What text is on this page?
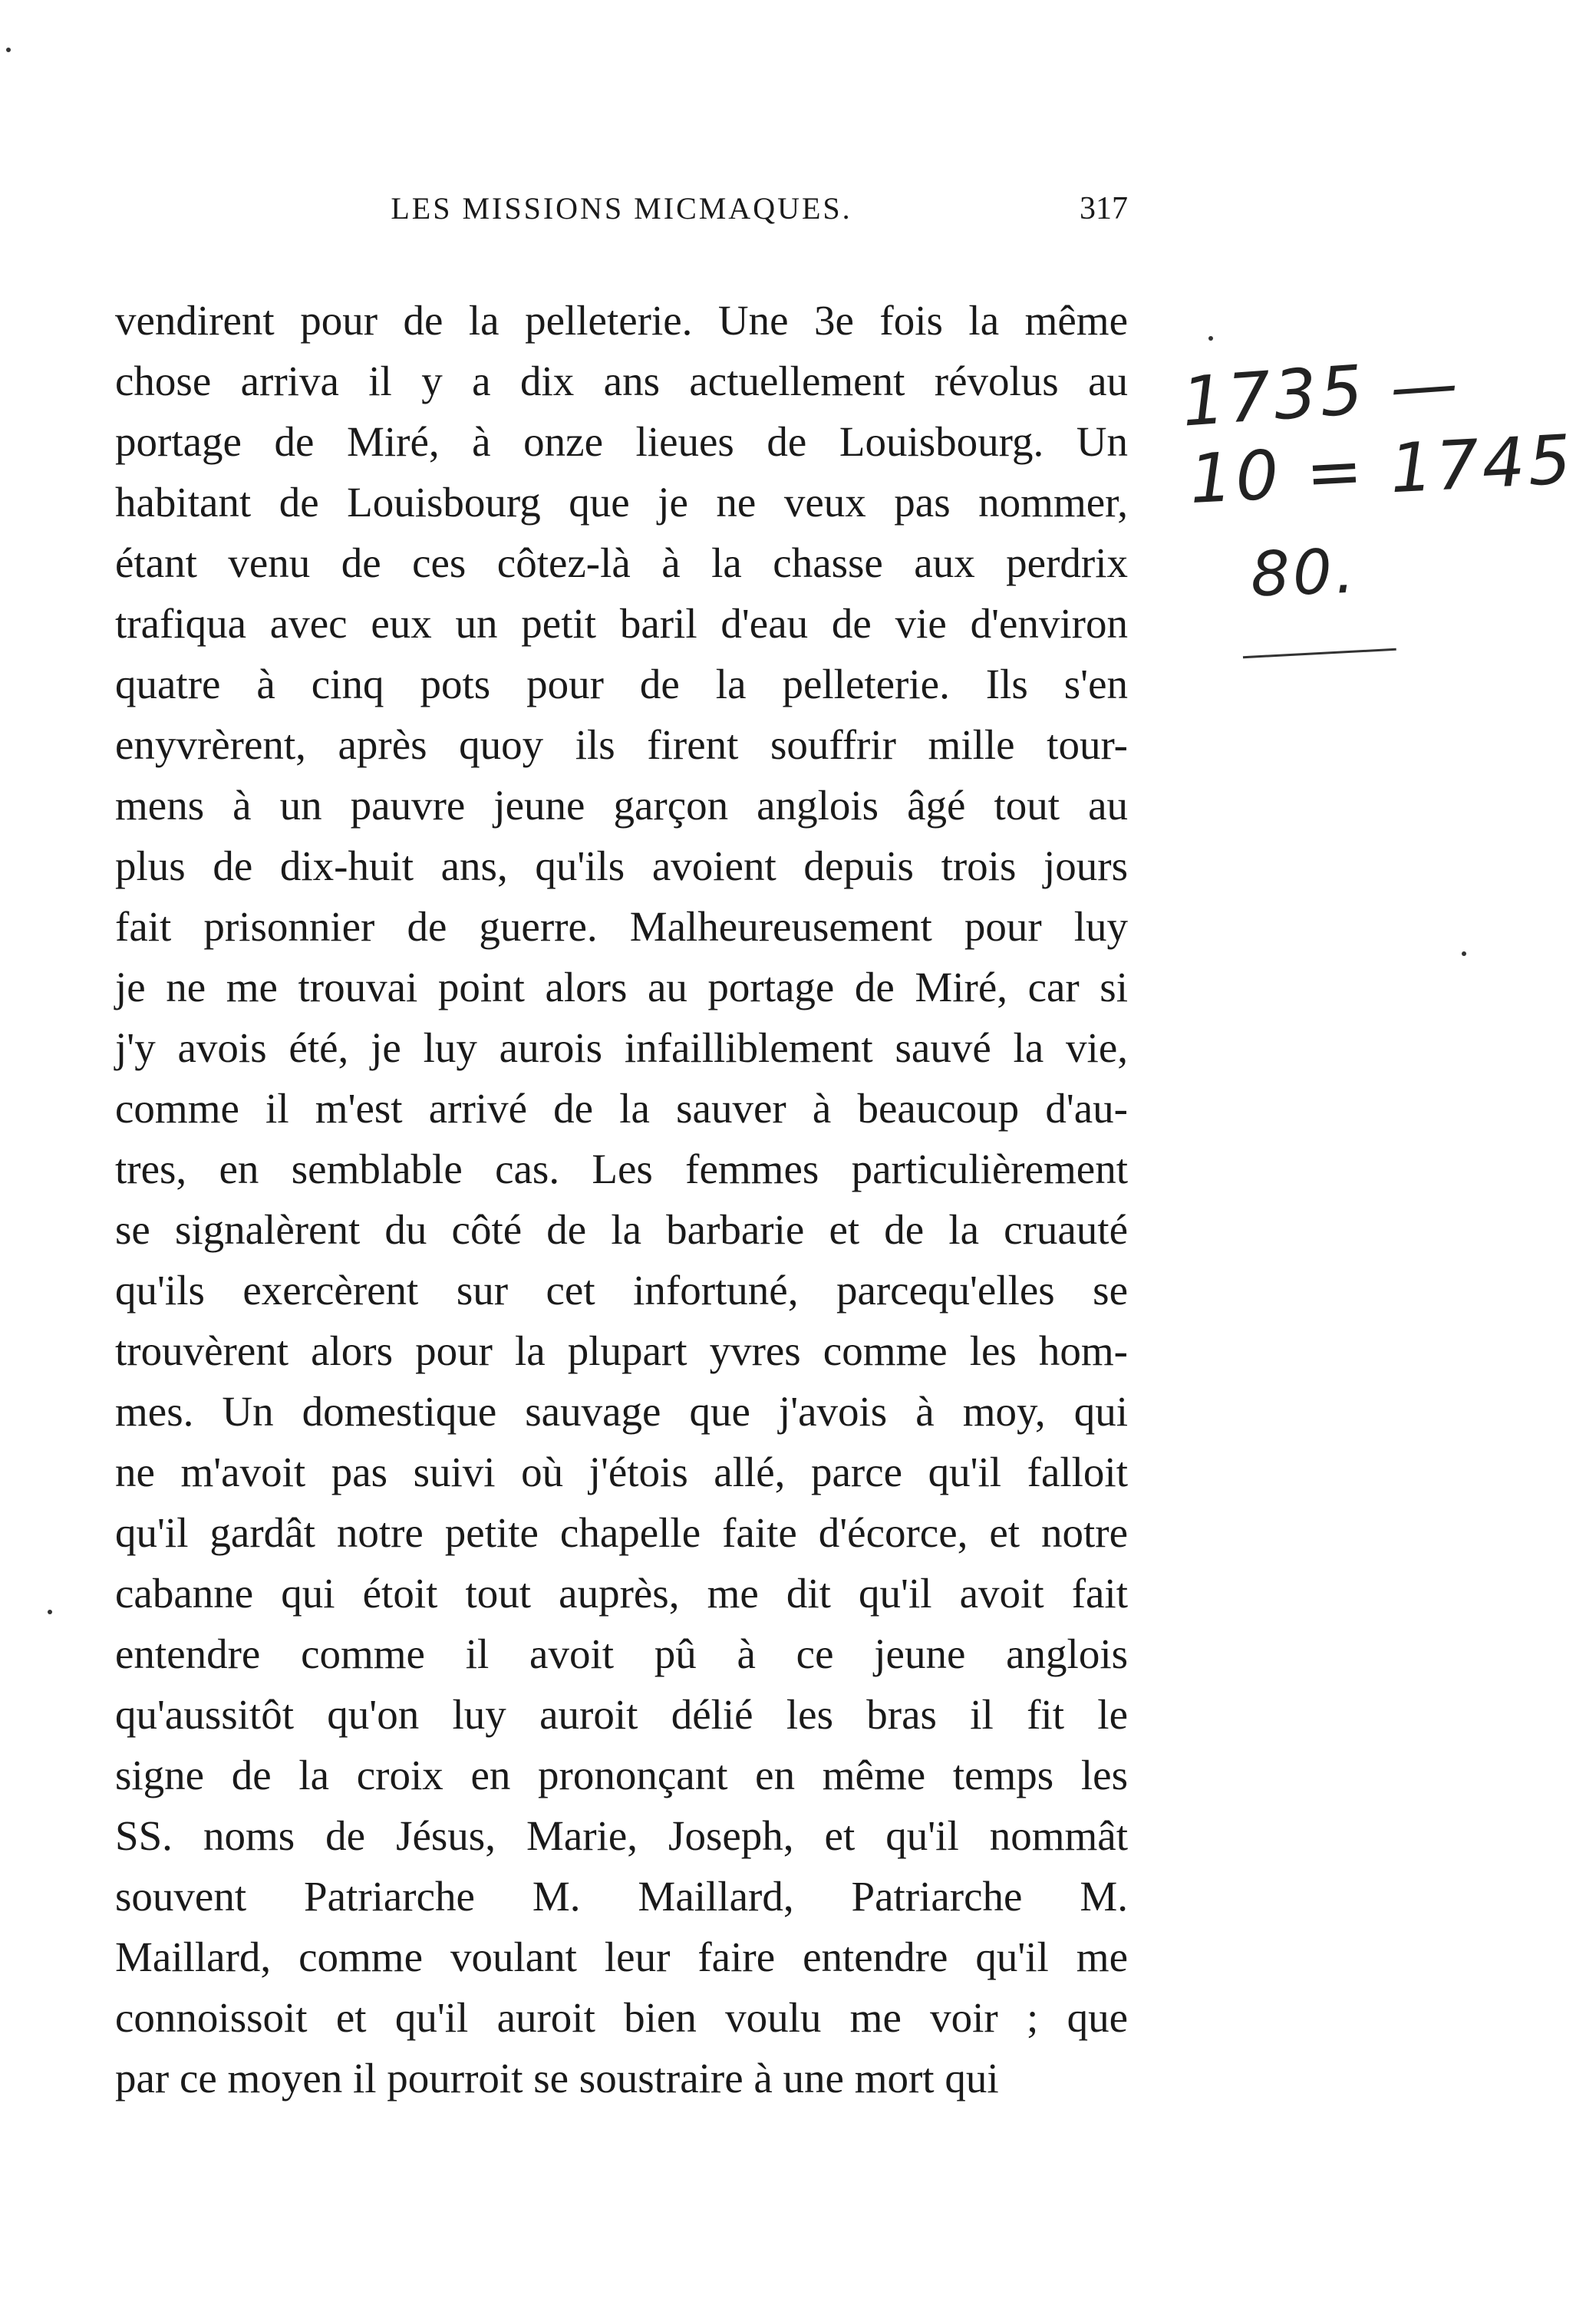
LES MISSIONS MICMAQUES.	317
vendirent pour de la pelleterie. Une 3e fois la même
chose arriva il y a dix ans actuellement révolus au
portage de Miré, à onze lieues de Louisbourg. Un
habitant de Louisbourg que je ne veux pas nommer,
étant venu de ces côtez-là à la chasse aux perdrix
trafiqua avec eux un petit baril d'eau de vie d'environ
quatre à cinq pots pour de la pelleterie. Ils s'en
enyvrèrent, après quoy ils firent souffrir mille tour-
mens à un pauvre jeune garçon anglois âgé tout au
plus de dix-huit ans, qu'ils avoient depuis trois jours
fait prisonnier de guerre. Malheureusement pour luy
je ne me trouvai point alors au portage de Miré, car si
j'y avois été, je luy aurois infailliblement sauvé la vie,
comme il m'est arrivé de la sauver à beaucoup d'au-
tres, en semblable cas. Les femmes particulièrement
se signalèrent du côté de la barbarie et de la cruauté
qu'ils exercèrent sur cet infortuné, parcequ'elles se
trouvèrent alors pour la plupart yvres comme les hom-
mes. Un domestique sauvage que j'avois à moy, qui
ne m'avoit pas suivi où j'étois allé, parce qu'il falloit
qu'il gardât notre petite chapelle faite d'écorce, et notre
cabanne qui étoit tout auprès, me dit qu'il avoit fait
entendre comme il avoit pû à ce jeune anglois
qu'aussitôt qu'on luy auroit délié les bras il fit le
signe de la croix en prononçant en même temps les
SS. noms de Jésus, Marie, Joseph, et qu'il nommât
souvent Patriarche M. Maillard, Patriarche M.
Maillard, comme voulant leur faire entendre qu'il me
connoissoit et qu'il auroit bien voulu me voir ; que
par ce moyen il pourroit se soustraire à une mort qui
1735 —
10 = 1745
80.
